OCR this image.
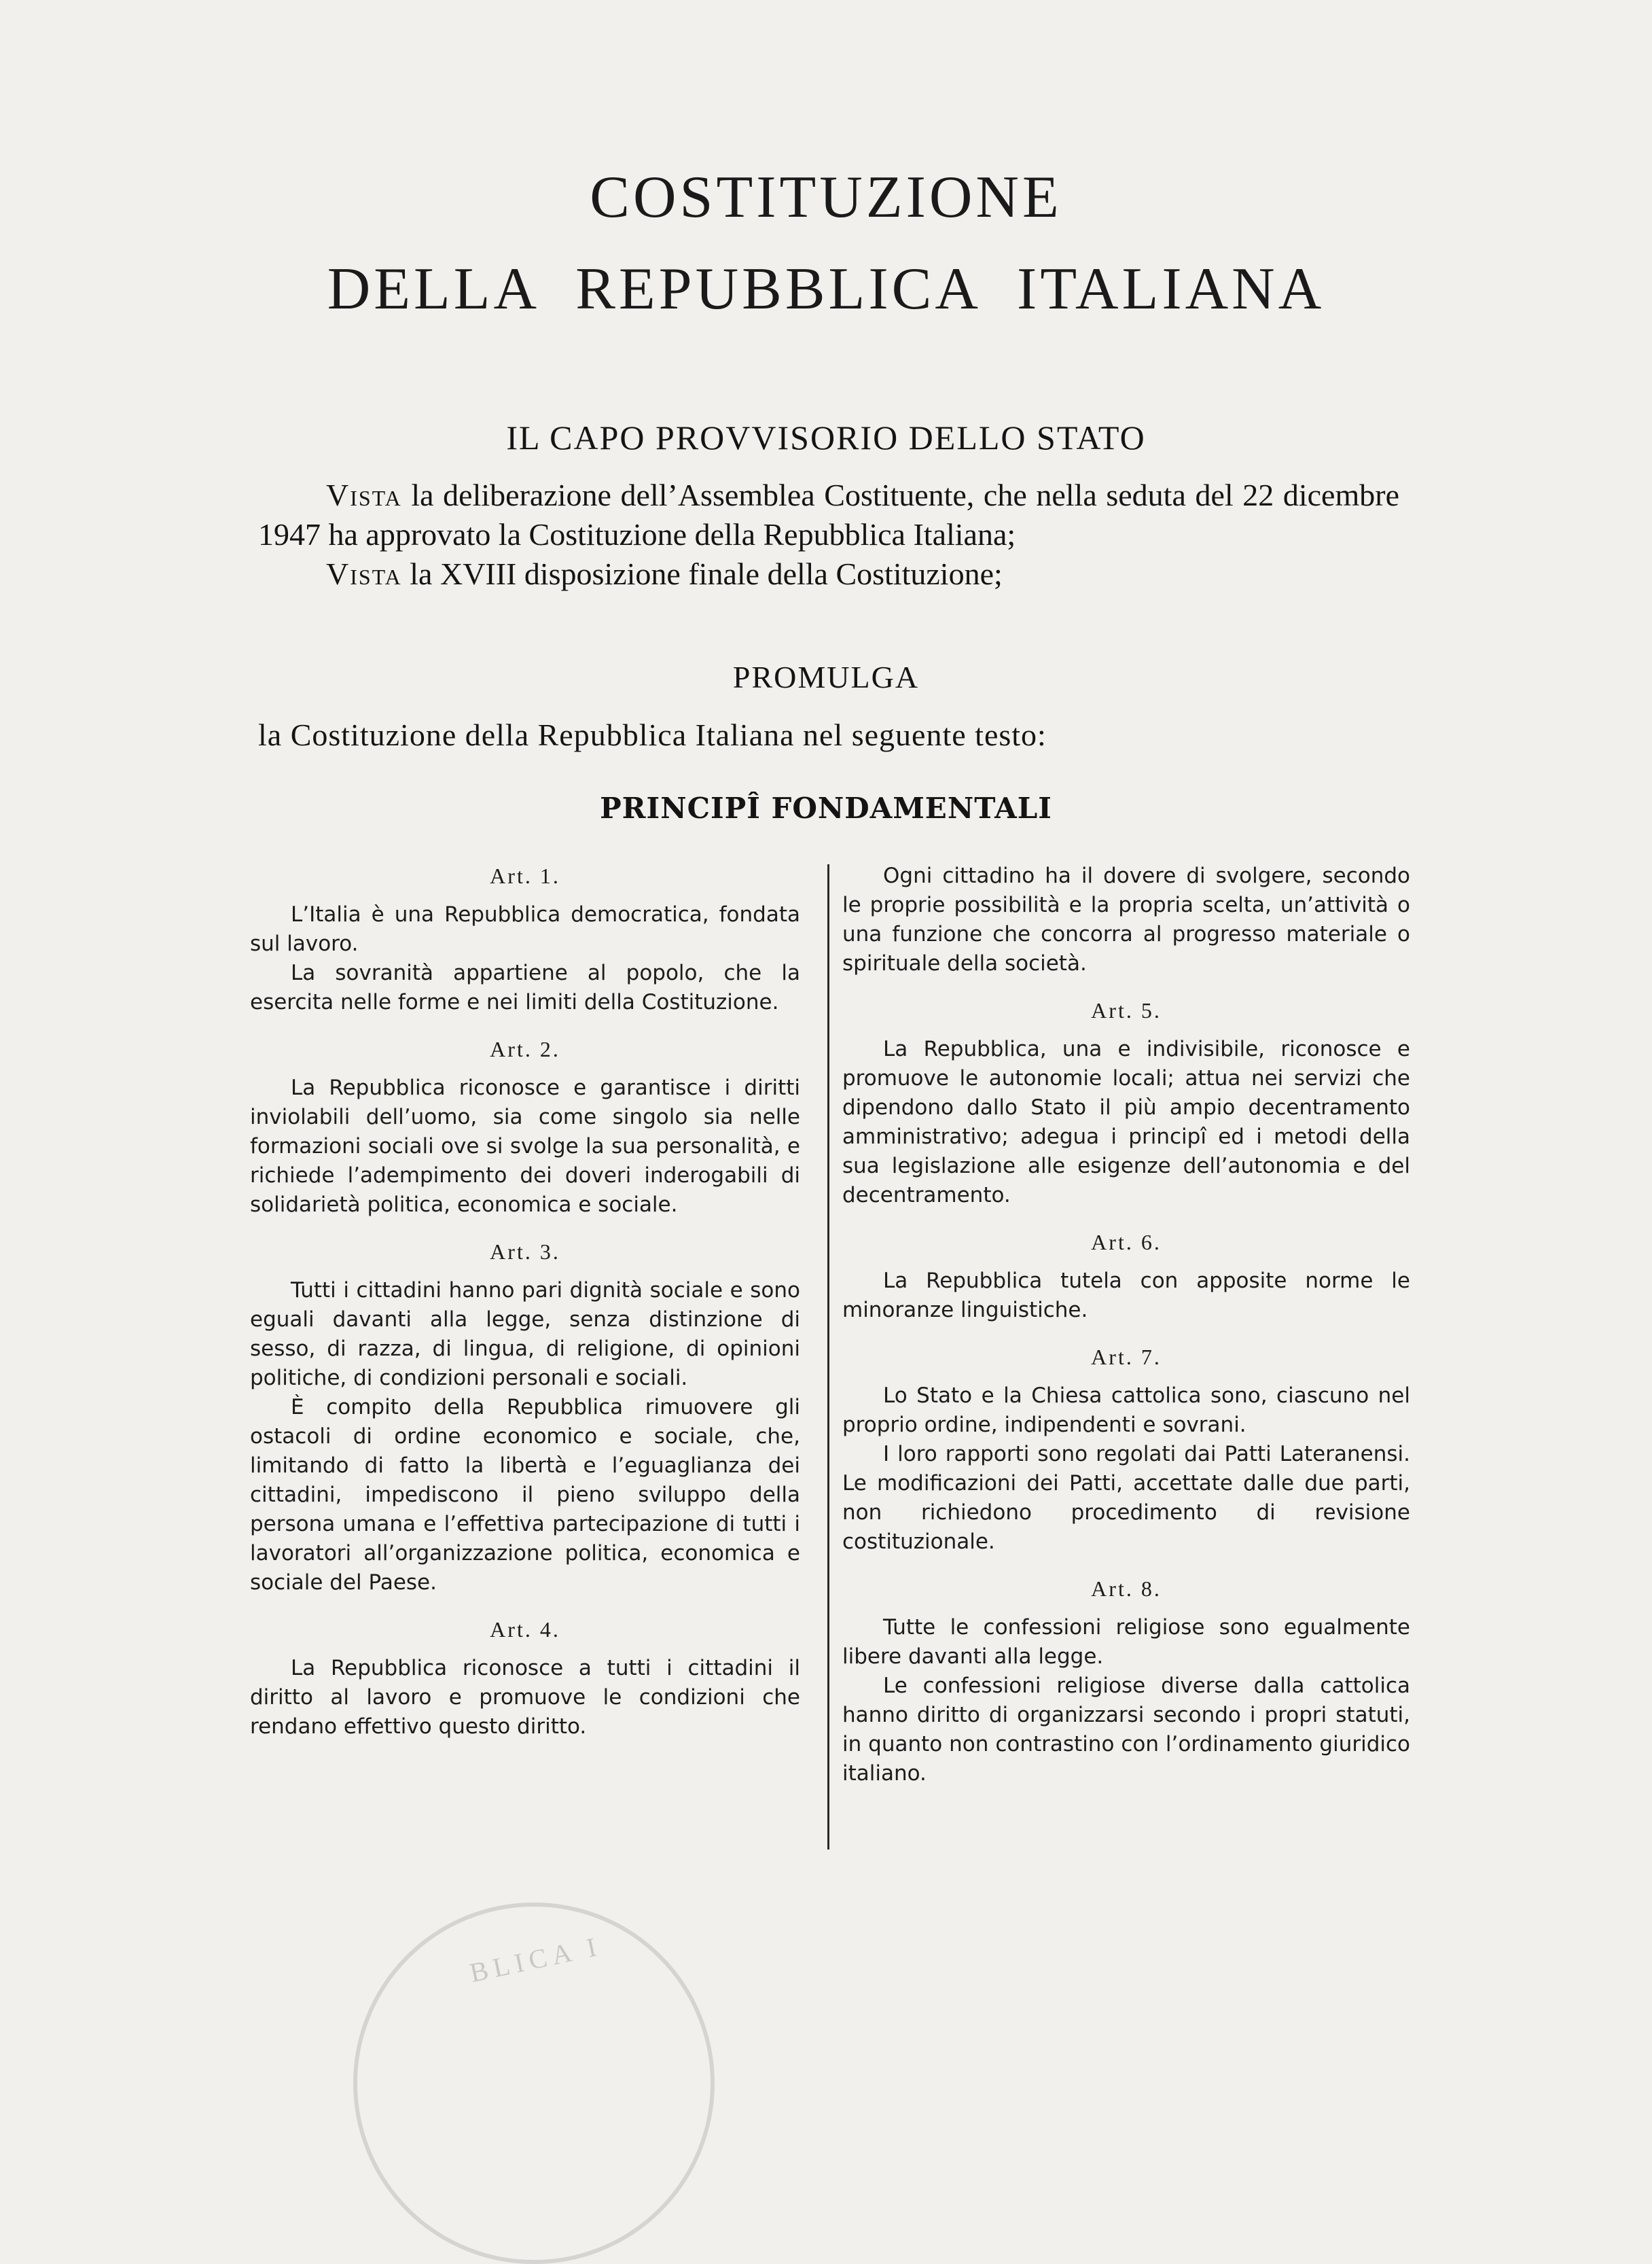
COSTITUZIONE
DELLA REPUBBLICA ITALIANA
IL CAPO PROVVISORIO DELLO STATO

Vista la deliberazione dell’Assemblea Costituente, che nella seduta del 22 dicembre 1947 ha approvato la Costituzione della Repubblica Italiana;

Vista la XVIII disposizione finale della Costituzione;

PROMULGA
la Costituzione della Repubblica Italiana nel seguente testo:
PRINCIPÎ FONDAMENTALI
Art. 1.

L’Italia è una Repubblica democratica, fondata sul lavoro.

La sovranità appartiene al popolo, che la esercita nelle forme e nei limiti della Costituzione.

Art. 2.

La Repubblica riconosce e garantisce i diritti inviolabili dell’uomo, sia come singolo sia nelle formazioni sociali ove si svolge la sua personalità, e richiede l’adempimento dei doveri inderogabili di solidarietà politica, economica e sociale.

Art. 3.

Tutti i cittadini hanno pari dignità sociale e sono eguali davanti alla legge, senza distinzione di sesso, di razza, di lingua, di religione, di opinioni politiche, di condizioni personali e sociali.

È compito della Repubblica rimuovere gli ostacoli di ordine economico e sociale, che, limitando di fatto la libertà e l’eguaglianza dei cittadini, impediscono il pieno sviluppo della persona umana e l’effettiva partecipazione di tutti i lavoratori all’organizzazione politica, economica e sociale del Paese.

Art. 4.

La Repubblica riconosce a tutti i cittadini il diritto al lavoro e promuove le condizioni che rendano effettivo questo diritto.

Ogni cittadino ha il dovere di svolgere, secondo le proprie possibilità e la propria scelta, un’attività o una funzione che concorra al progresso materiale o spirituale della società.

Art. 5.

La Repubblica, una e indivisibile, riconosce e promuove le autonomie locali; attua nei servizi che dipendono dallo Stato il più ampio decentramento amministrativo; adegua i principî ed i metodi della sua legislazione alle esigenze dell’autonomia e del decentramento.

Art. 6.

La Repubblica tutela con apposite norme le minoranze linguistiche.

Art. 7.

Lo Stato e la Chiesa cattolica sono, ciascuno nel proprio ordine, indipendenti e sovrani.

I loro rapporti sono regolati dai Patti Lateranensi. Le modificazioni dei Patti, accettate dalle due parti, non richiedono procedimento di revisione costituzionale.

Art. 8.

Tutte le confessioni religiose sono egualmente libere davanti alla legge.

Le confessioni religiose diverse dalla cattolica hanno diritto di organizzarsi secondo i propri statuti, in quanto non contrastino con l’ordinamento giuridico italiano.

BLICA I
